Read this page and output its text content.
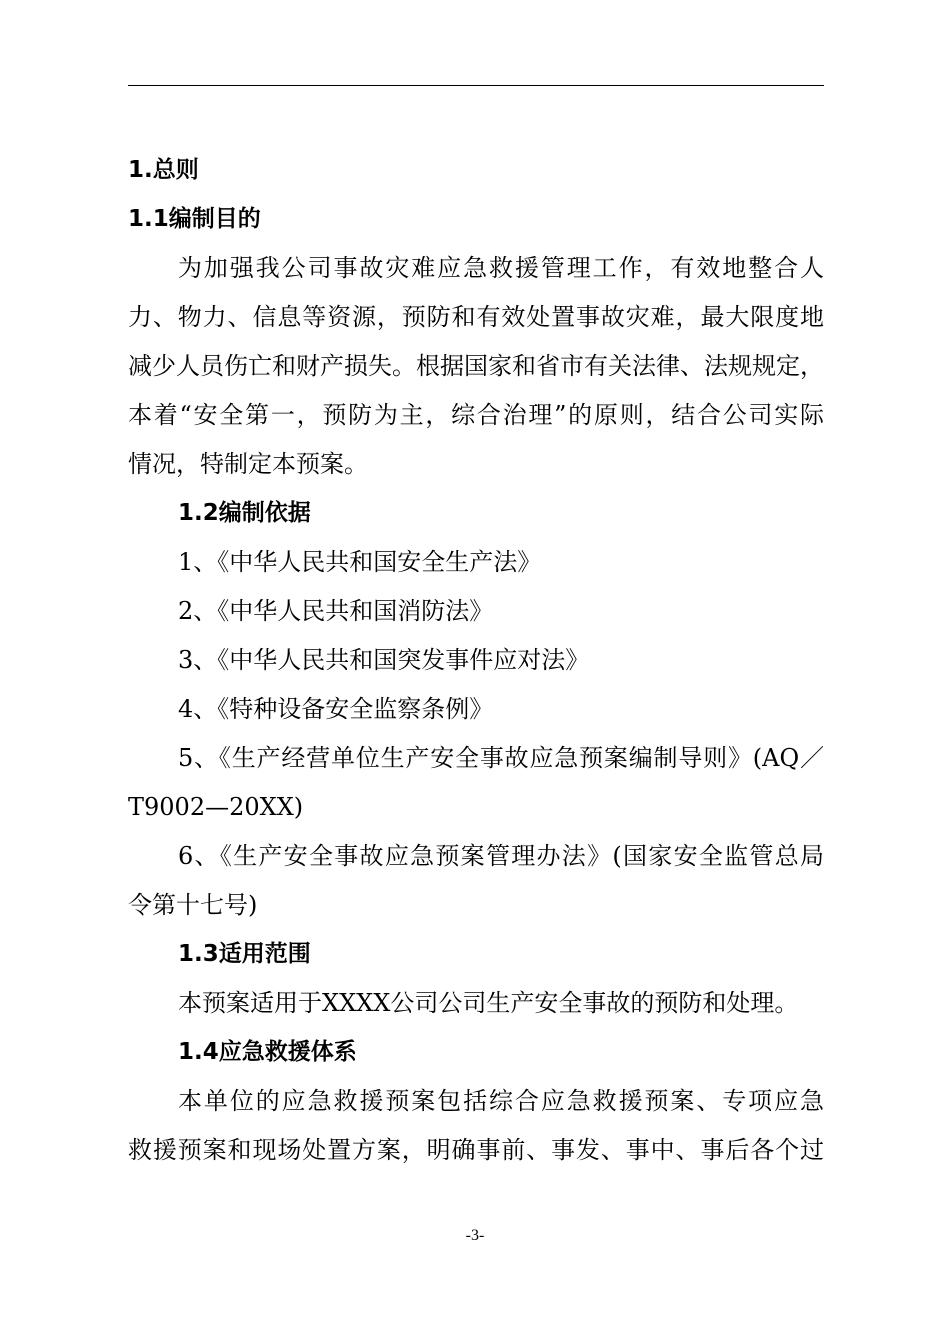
1.总则
1.1编制目的
为加强我公司事故灾难应急救援管理工作，有效地整合人
力、物力、信息等资源，预防和有效处置事故灾难，最大限度地
减少人员伤亡和财产损失。根据国家和省市有关法律、法规规定，
本着“安全第一，预防为主，综合治理”的原则，结合公司实际
情况，特制定本预案。
1.2编制依据
1、《中华人民共和国安全生产法》
2、《中华人民共和国消防法》
3、《中华人民共和国突发事件应对法》
4、《特种设备安全监察条例》
5、《生产经营单位生产安全事故应急预案编制导则》(AQ／
T9002—20XX)
6、《生产安全事故应急预案管理办法》(国家安全监管总局
令第十七号)
1.3适用范围
本预案适用于XXXX公司公司生产安全事故的预防和处理。
1.4应急救援体系
本单位的应急救援预案包括综合应急救援预案、专项应急
救援预案和现场处置方案，明确事前、事发、事中、事后各个过
-3-
